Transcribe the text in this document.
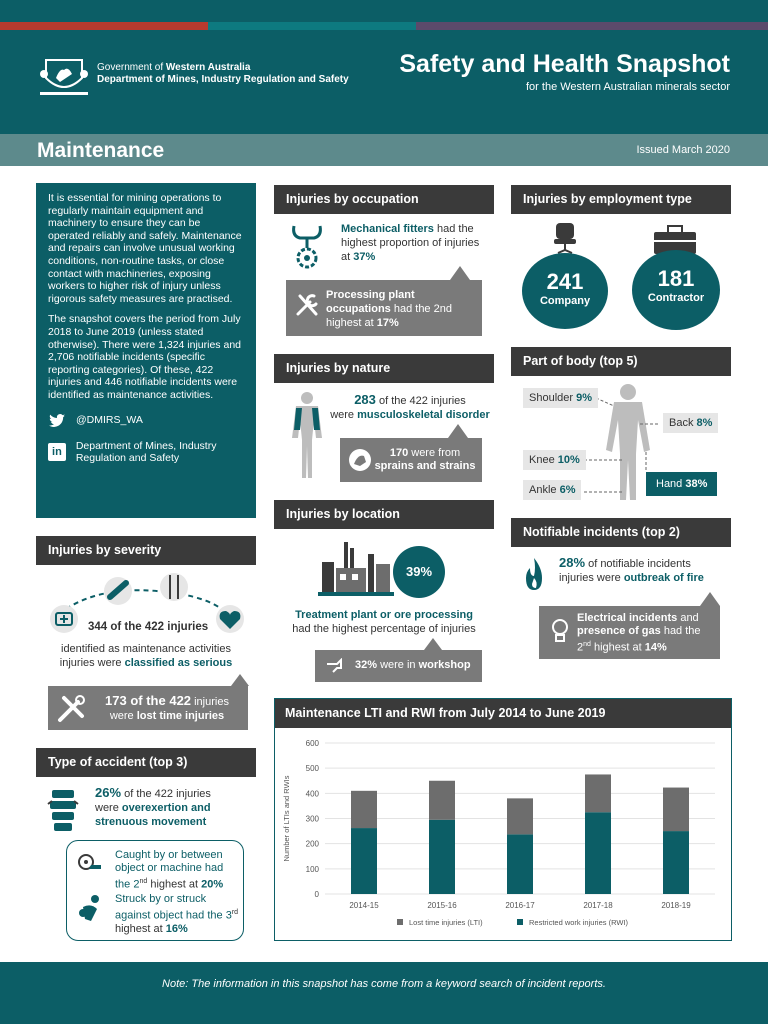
Government of Western Australia
Department of Mines, Industry Regulation and Safety
Safety and Health Snapshot
for the Western Australian minerals sector
Maintenance	Issued March 2020

It is essential for mining operations to regularly maintain equipment and machinery to ensure they can be operated reliably and safely. Maintenance and repairs can involve unusual working conditions, non-routine tasks, or close contact with machineries, exposing workers to higher risk of injury unless rigorous safety measures are practised.

The snapshot covers the period from July 2018 to June 2019 (unless stated otherwise). There were 1,324 injuries and 2,706 notifiable incidents (specific reporting categories). Of these, 422 injuries and 446 notifiable incidents were identified as maintenance activities.

@DMIRS_WA
in
Department of Mines, Industry Regulation and Safety
Injuries by severity
344 of the 422 injuries
identified as maintenance activities
injuries were classified as serious
173 of the 422 injuries
were lost time injuries
Type of accident (top 3)
26% of the 422 injuries
were overexertion and strenuous movement
Caught by or between object or machine had the 2nd highest at 20%
Struck by or struck against object had the 3rd highest at 16%
Injuries by occupation
Mechanical fitters had the highest proportion of injuries at 37%
Processing plant occupations had the 2nd highest at 17%
Injuries by nature
283 of the 422 injuries
were musculoskeletal disorder
170 were from
sprains and strains
Injuries by location
39%
Treatment plant or ore processing
had the highest percentage of injuries
32% were in workshop
Injuries by employment type
241
Company
181
Contractor
Part of body (top 5)
Shoulder 9%
Back 8%
Knee 10%
Ankle 6%	Hand 38%
Notifiable incidents (top 2)
28% of notifiable incidents injuries were outbreak of fire
Electrical incidents and presence of gas had the 2nd highest at 14%
Maintenance LTI and RWI from July 2014 to June 2019
0
100
200
300
400
500
600
Number of LTIs and RWIs
2014-15	2015-16	2016-17	2017-18	2018-19
Lost time injuries (LTI)	Restricted work injuries (RWI)
Note: The information in this snapshot has come from a keyword search of incident reports.
